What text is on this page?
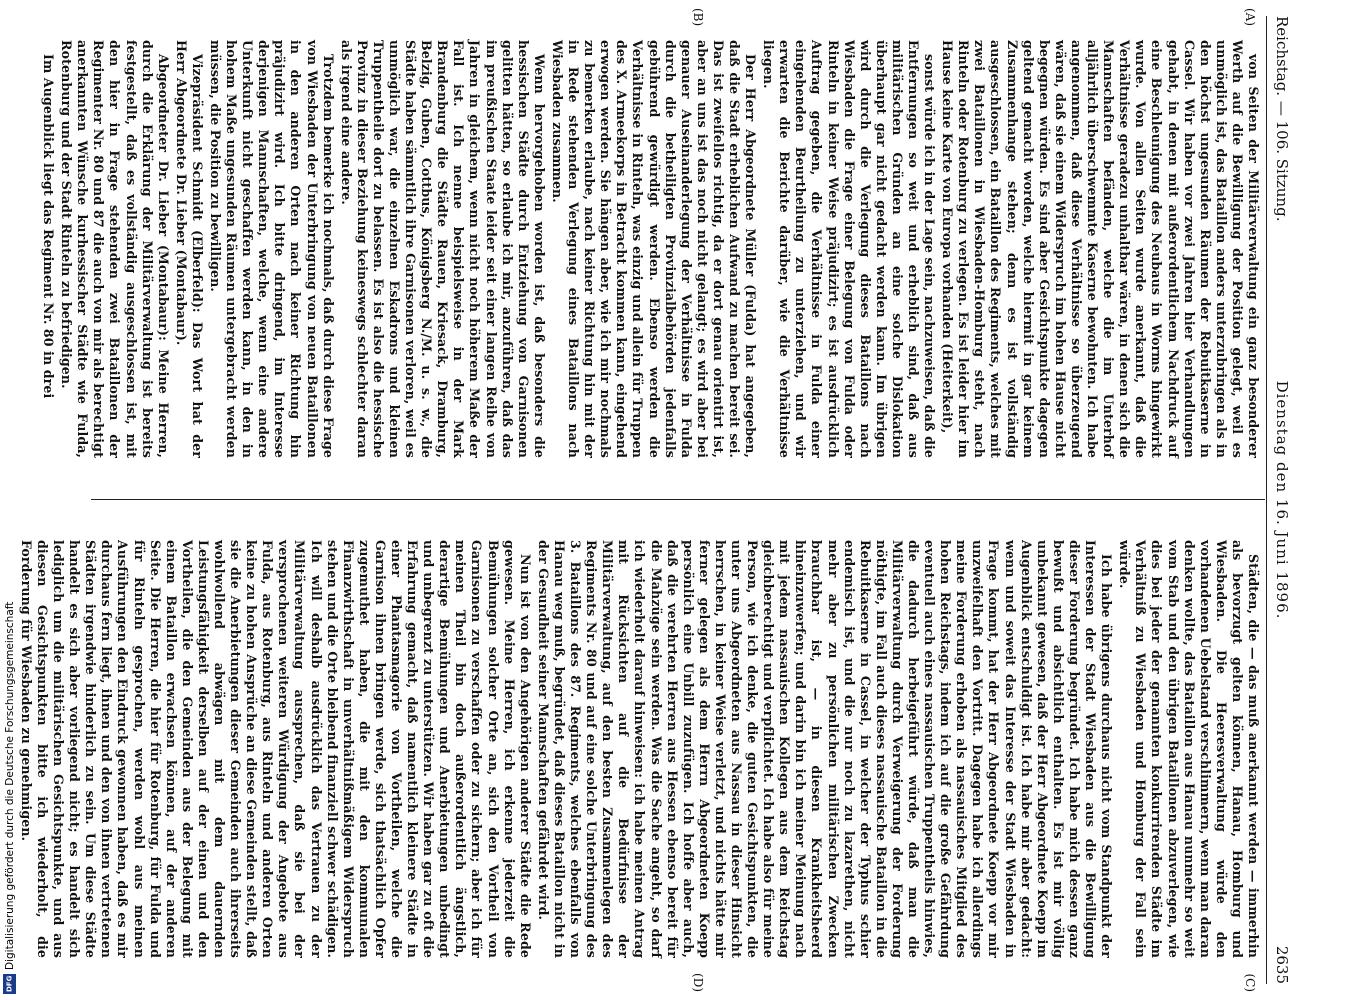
Reichstag. — 106. Sitzung.
Dienstag den 16. Juni 1896.
2635
(A)
(B)
(C)
(D)

von Seiten der Militärverwaltung ein ganz besonderer Werth auf die Bewilligung der Position gelegt, weil es unmöglich ist, das Bataillon anders unterzubringen als in den höchst ungesunden Räumen der Rebuitkaserne in Cassel. Wir haben vor zwei Jahren hier Verhandlungen gehabt, in denen mit außerordentlichem Nachdruck auf eine Beschleunigung des Neubaus in Worms hingewirkt wurde. Von allen Seiten wurde anerkannt, daß die Verhältnisse geradezu unhaltbar wären, in denen sich die Mannschaften befänden, welche die im Unterhof alljährlich überschwemmte Kaserne bewohnten. Ich habe angenommen, daß diese Verhältnisse so überzeugend wären, daß sie einem Widerspruch im hohen Hause nicht begegnen würden. Es sind aber Gesichtspunkte dagegen geltend gemacht worden, welche hiermit in gar keinem Zusammenhange stehen; denn es ist vollständig ausgeschlossen, ein Bataillon des Regiments, welches mit zwei Bataillonen in Wiesbaden-Homburg steht, nach Rinteln oder Rotenburg zu verlegen. Es ist leider hier im Hause keine Karte von Europa vorhanden (Heiterkeit),

sonst würde ich in der Lage sein, nachzuweisen, daß die Entfernungen so weit und erheblich sind, daß aus militärischen Gründen an eine solche Dislokation überhaupt gar nicht gedacht werden kann. Im übrigen wird durch die Verlegung dieses Bataillons nach Wiesbaden die Frage einer Belegung von Fulda oder Rinteln in keiner Weise präjudizirt; es ist ausdrücklich Auftrag gegeben, die Verhältnisse in Fulda einer eingehenden Beurtheilung zu unterziehen, und wir erwarten die Berichte darüber, wie die Verhältnisse liegen.

Der Herr Abgeordnete Müller (Fulda) hat angegeben, daß die Stadt erheblichen Aufwand zu machen bereit sei. Das ist zweifellos richtig, da er dort genau orientirt ist, aber an uns ist das noch nicht gelangt; es wird aber bei genauer Auseinanderlegung der Verhältnisse in Fulda durch die betheiligten Provinzialbehörden jedenfalls gebührend gewürdigt werden. Ebenso werden die Verhältnisse in Rinteln, was einzig und allein für Truppen des X. Armeekorps in Betracht kommen kann, eingehend erwogen werden. Sie hängen aber, wie ich mir nochmals zu bemerken erlaube, nach keiner Richtung hin mit der in Rede stehenden Verlegung eines Bataillons nach Wiesbaden zusammen.

Wenn hervorgehoben worden ist, daß besonders die hessischen Städte durch Entziehung von Garnisonen gelitten hätten, so erlaube ich mir, anzuführen, daß das im preußischen Staate leider seit einer langen Reihe von Jahren in gleichem, wenn nicht noch höherem Maße der Fall ist. Ich nenne beispielsweise in der Mark Brandenburg die Städte Rauen, Kriesack, Dramburg, Belzig, Guben, Cottbus, Königsberg N./M. u. s. w., die Städte haben sämmtlich ihre Garnisonen verloren, weil es unmöglich war, die einzelnen Eskadrons und kleinen Truppentheile dort zu belassen. Es ist also die hessische Provinz in dieser Beziehung keineswegs schlechter daran als irgend eine andere.

Trotzdem bemerke ich nochmals, daß durch diese Frage von Wiesbaden der Unterbringung von neuen Bataillonen in den anderen Orten nach keiner Richtung hin präjudizirt wird. Ich bitte dringend, im Interesse derjenigen Mannschaften, welche, wenn eine andere Unterkunft nicht geschaffen werden kann, in den in hohem Maße ungesunden Räumen untergebracht werden müssen, die Position zu bewilligen.

Vizepräsident Schmidt (Elberfeld): Das Wort hat der Herr Abgeordnete Dr. Lieber (Montabaur).

Abgeordneter Dr. Lieber (Montabaur): Meine Herren, durch die Erklärung der Militärverwaltung ist bereits festgestellt, daß es vollständig ausgeschlossen ist, mit den hier in Frage stehenden zwei Bataillonen der Regimenter Nr. 80 und 87 die auch von mir als berechtigt anerkannten Wünsche kurhessischer Städte wie Fulda, Rotenburg und der Stadt Rinteln zu befriedigen.

Im Augenblick liegt das Regiment Nr. 80 in drei

Städten, die — das muß anerkannt werden — immerhin als bevorzugt gelten können, Hanau, Homburg und Wiesbaden. Die Heeresverwaltung würde den vorhandenen Uebelstand verschlimmern, wenn man daran denken wollte, das Bataillon aus Hanau nunmehr so weit vom Stab und den übrigen Bataillonen abzuverlegen, wie dies bei jeder der genannten konkurrirenden Städte im Verhältniß zu Wiesbaden und Homburg der Fall sein würde.

Ich habe übrigens durchaus nicht vom Standpunkt der Interessen der Stadt Wiesbaden aus die Bewilligung dieser Forderung begründet. Ich habe mich dessen ganz bewußt und absichtlich enthalten. Es ist mir völlig unbekannt gewesen, daß der Herr Abgeordnete Koepp im Augenblick entschuldigt ist. Ich habe mir aber gedacht: wenn und soweit das Interesse der Stadt Wiesbaden in Frage kommt, hat der Herr Abgeordnete Koepp vor mir unzweifelhaft den Vortritt. Dagegen habe ich allerdings meine Forderung erhoben als nassauisches Mitglied des hohen Reichstags, indem ich auf die große Gefährdung eventuell auch eines nassauischen Truppentheils hinwies, die dadurch herbeigeführt würde, daß man die Militärverwaltung durch Verweigerung der Forderung nöthigte, im Fall auch dieses nassauische Bataillon in die Rebuitkaserne in Cassel, in welcher der Typhus schier endemisch ist, und die nur noch zu lazarethen, nicht mehr aber zu persönlichen militärischen Zwecken brauchbar ist, — in diesen Krankheitsheerd hineinzuwerfen; und darin bin ich meiner Meinung nach mit jedem nassauischen Kollegen aus dem Reichstag gleichberechtigt und verpflichtet. Ich habe also für meine Person, wie ich denke, die guten Gesichtspunkten, die unter uns Abgeordneten aus Nassau in dieser Hinsicht herrschen, in keiner Weise verletzt, und nichts hätte mir ferner gelegen als dem Herrn Abgeordneten Koepp persönlich eine Unbill zuzufügen. Ich hoffe aber auch, daß die verehrten Herren aus Hessen ebenso bereit für die Mahzüge sein werden. Was die Sache angeht, so darf ich wiederholt darauf hinweisen: ich habe meinen Antrag mit Rücksichten auf die Bedürfnisse der Militärverwaltung, auf den besten Zusammenlegen des Regiments Nr. 80 und auf eine solche Unterbringung des 3. Bataillons des 87. Regiments, welches ebenfalls von Hanau weg muß, begründet, daß dieses Bataillon nicht in der Gesundheit seiner Mannschaften gefährdet wird.

Nun ist von den Angehörigen anderer Städte die Rede gewesen. Meine Herren, ich erkenne jederzeit die Bemühungen solcher Orte an, sich den Vortheil von Garnisonen zu verschaffen oder zu sichern; aber ich für meinen Theil bin doch außerordentlich ängstlich, derartige Bemühungen und Anerbietungen unbedingt und unbegrenzt zu unterstützen. Wir haben gar zu oft die Erfahrung gemacht, daß namentlich kleinere Städte in einer Phantasmagorie von Vortheilen, welche die Garnison ihnen bringen werde, sich thatsächlich Opfer zugemuthet haben, die mit den kommunalen Finanzwirthschaft in unverhältnißmäßigem Widerspruch stehen und die Orte bleibend finanziell schwer schädigen. Ich will deshalb ausdrücklich das Vertrauen zu der Militärverwaltung aussprechen, daß sie bei der versprochenen weiteren Würdigung der Angebote aus Fulda, aus Rotenburg, aus Rinteln und anderen Orten keine zu hohen Ansprüche an diese Gemeinden stellt, daß sie die Anerbietungen dieser Gemeinden auch ihrerseits wohlwollend abwägen mit dem dauernden Leistungsfähigkeit derselben auf der einen und den Vortheilen, die den Gemeinden aus der Belegung mit einem Bataillon erwachsen können, auf der anderen Seite. Die Herren, die hier für Rotenburg, für Fulda und für Rinteln gesprochen, werden wohl aus meinen Ausführungen den Eindruck gewonnen haben, daß es mir durchaus fern liegt, ihnen und den von ihnen vertretenen Städten irgendwie hinderlich zu sein. Um diese Städte handelt es sich aber vorliegend nicht; es handelt sich lediglich um die militärischen Gesichtspunkte, und aus diesen Gesichtspunkten bitte ich wiederholt, die Forderung für Wiesbaden zu genehmigen.

Digitalisierung gefördert durch die Deutsche Forschungsgemeinschaft
DFG
